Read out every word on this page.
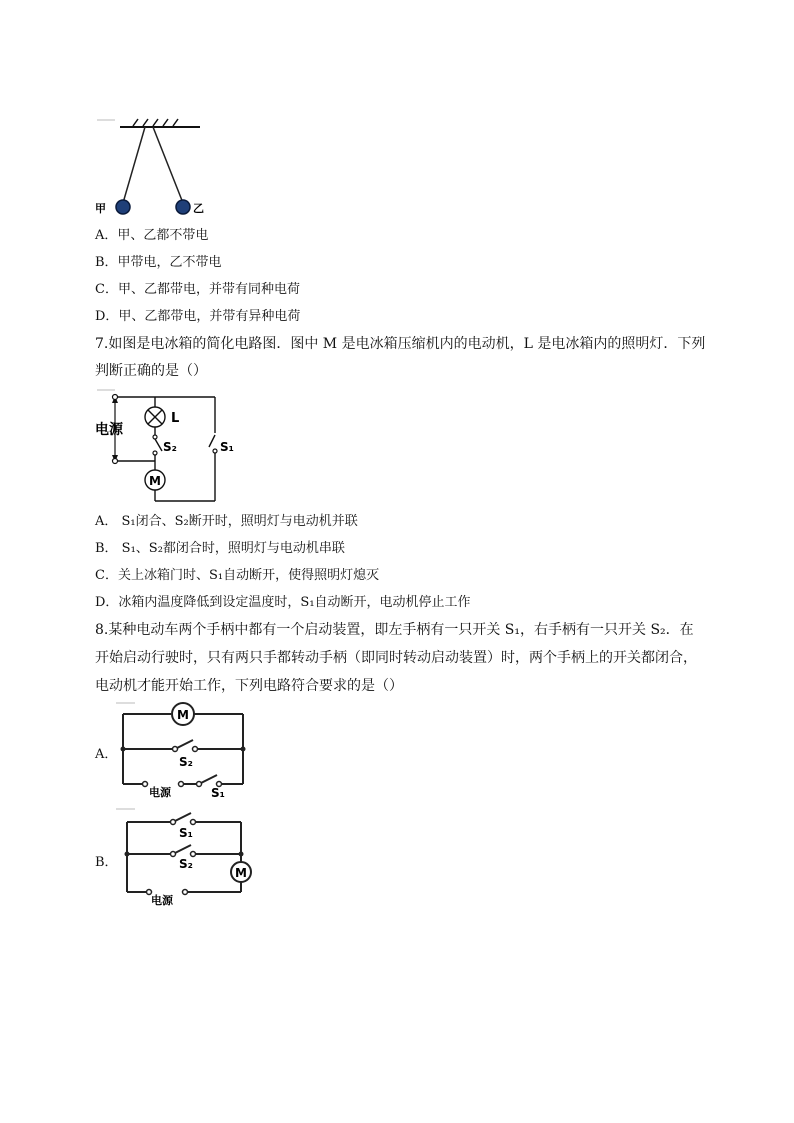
甲	乙
A．甲、乙都不带电
B．甲带电，乙不带电
C．甲、乙都带电，并带有同种电荷
D．甲、乙都带电，并带有异种电荷
7.如图是电冰箱的简化电路图．图中 M 是电冰箱压缩机内的电动机，L 是电冰箱内的照明灯．下列
判断正确的是（）
电源
L
M
S₂	S₁
A． S₁闭合、S₂断开时，照明灯与电动机并联
B． S₁、S₂都闭合时，照明灯与电动机串联
C．关上冰箱门时、S₁自动断开，使得照明灯熄灭
D．冰箱内温度降低到设定温度时，S₁自动断开，电动机停止工作
8.某种电动车两个手柄中都有一个启动装置，即左手柄有一只开关 S₁，右手柄有一只开关 S₂．在
开始启动行驶时，只有两只手都转动手柄（即同时转动启动装置）时，两个手柄上的开关都闭合，
电动机才能开始工作，下列电路符合要求的是（）
A．
M
S₂
电源	S₁
B．
S₁
S₂
M
电源
